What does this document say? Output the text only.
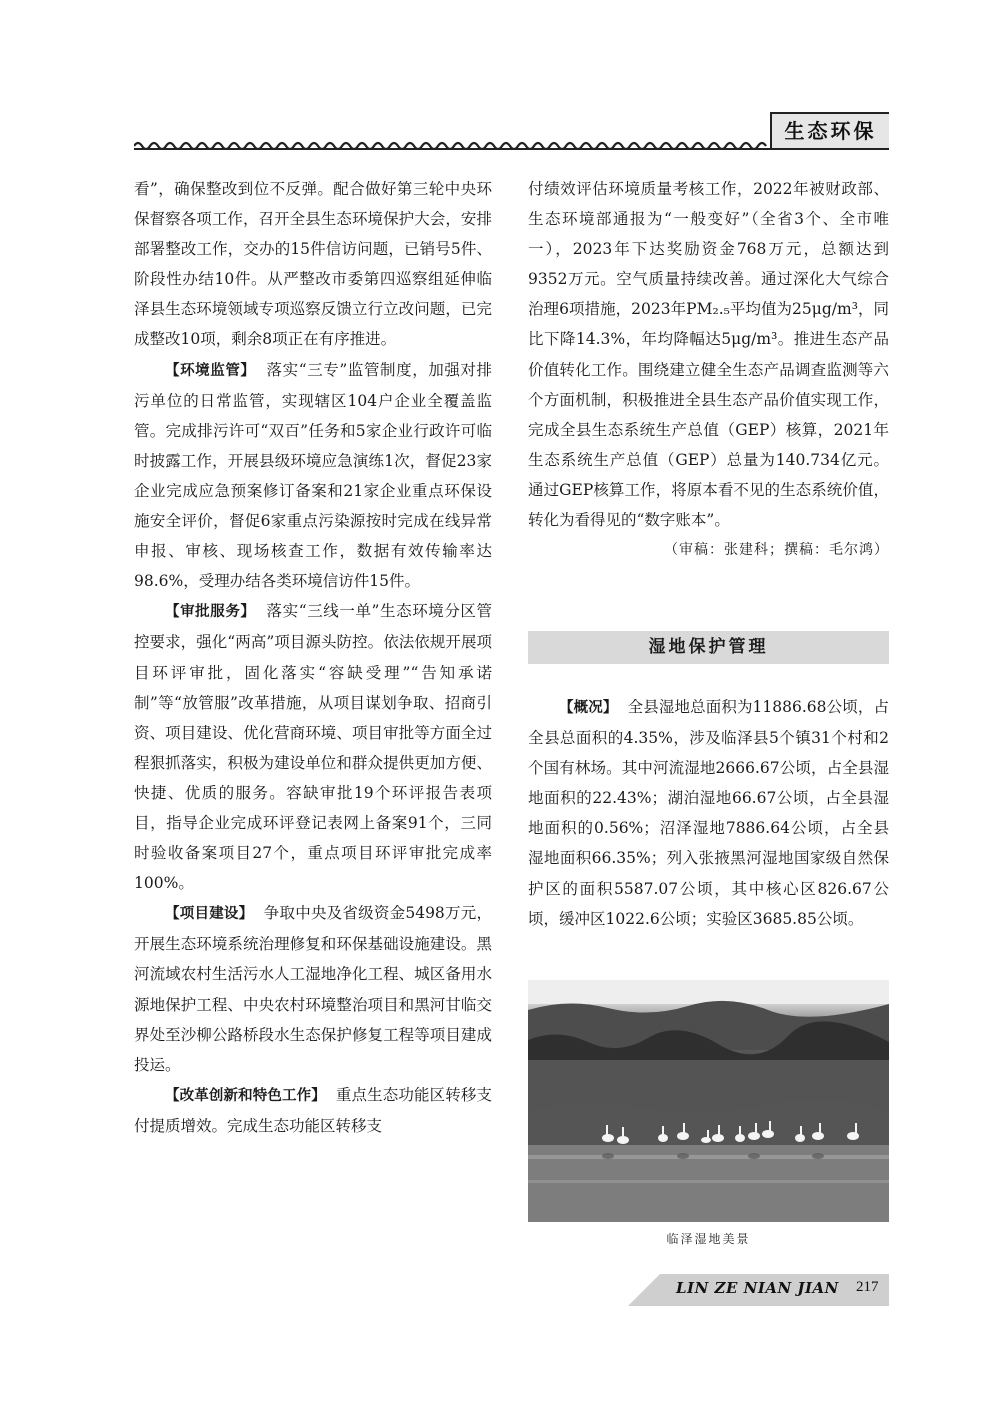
生态环保

看”，确保整改到位不反弹。配合做好第三轮中央环保督察各项工作，召开全县生态环境保护大会，安排部署整改工作，交办的15件信访问题，已销号5件、阶段性办结10件。从严整改市委第四巡察组延伸临泽县生态环境领域专项巡察反馈立行立改问题，已完成整改10项，剩余8项正在有序推进。

【环境监管】 落实“三专”监管制度，加强对排污单位的日常监管，实现辖区104户企业全覆盖监管。完成排污许可“双百”任务和5家企业行政许可临时披露工作，开展县级环境应急演练1次，督促23家企业完成应急预案修订备案和21家企业重点环保设施安全评价，督促6家重点污染源按时完成在线异常申报、审核、现场核查工作，数据有效传输率达98.6%，受理办结各类环境信访件15件。

【审批服务】 落实“三线一单”生态环境分区管控要求，强化“两高”项目源头防控。依法依规开展项目环评审批，固化落实“容缺受理”“告知承诺制”等“放管服”改革措施，从项目谋划争取、招商引资、项目建设、优化营商环境、项目审批等方面全过程狠抓落实，积极为建设单位和群众提供更加方便、快捷、优质的服务。容缺审批19个环评报告表项目，指导企业完成环评登记表网上备案91个，三同时验收备案项目27个，重点项目环评审批完成率100%。

【项目建设】 争取中央及省级资金5498万元，开展生态环境系统治理修复和环保基础设施建设。黑河流域农村生活污水人工湿地净化工程、城区备用水源地保护工程、中央农村环境整治项目和黑河甘临交界处至沙柳公路桥段水生态保护修复工程等项目建成投运。

【改革创新和特色工作】 重点生态功能区转移支付提质增效。完成生态功能区转移支

付绩效评估环境质量考核工作，2022年被财政部、生态环境部通报为“一般变好”（全省3个、全市唯一），2023年下达奖励资金768万元，总额达到9352万元。空气质量持续改善。通过深化大气综合治理6项措施，2023年PM₂.₅平均值为25μg/m³，同比下降14.3%，年均降幅达5μg/m³。推进生态产品价值转化工作。围绕建立健全生态产品调查监测等六个方面机制，积极推进全县生态产品价值实现工作，完成全县生态系统生产总值（GEP）核算，2021年生态系统生产总值（GEP）总量为140.734亿元。通过GEP核算工作，将原本看不见的生态系统价值，转化为看得见的“数字账本”。

（审稿：张建科；撰稿：毛尔鸿）

湿地保护管理

【概况】 全县湿地总面积为11886.68公顷，占全县总面积的4.35%，涉及临泽县5个镇31个村和2个国有林场。其中河流湿地2666.67公顷，占全县湿地面积的22.43%；湖泊湿地66.67公顷，占全县湿地面积的0.56%；沼泽湿地7886.64公顷，占全县湿地面积66.35%；列入张掖黑河湿地国家级自然保护区的面积5587.07公顷，其中核心区826.67公顷，缓冲区1022.6公顷；实验区3685.85公顷。

临泽湿地美景
LIN ZE NIAN JIAN 217
